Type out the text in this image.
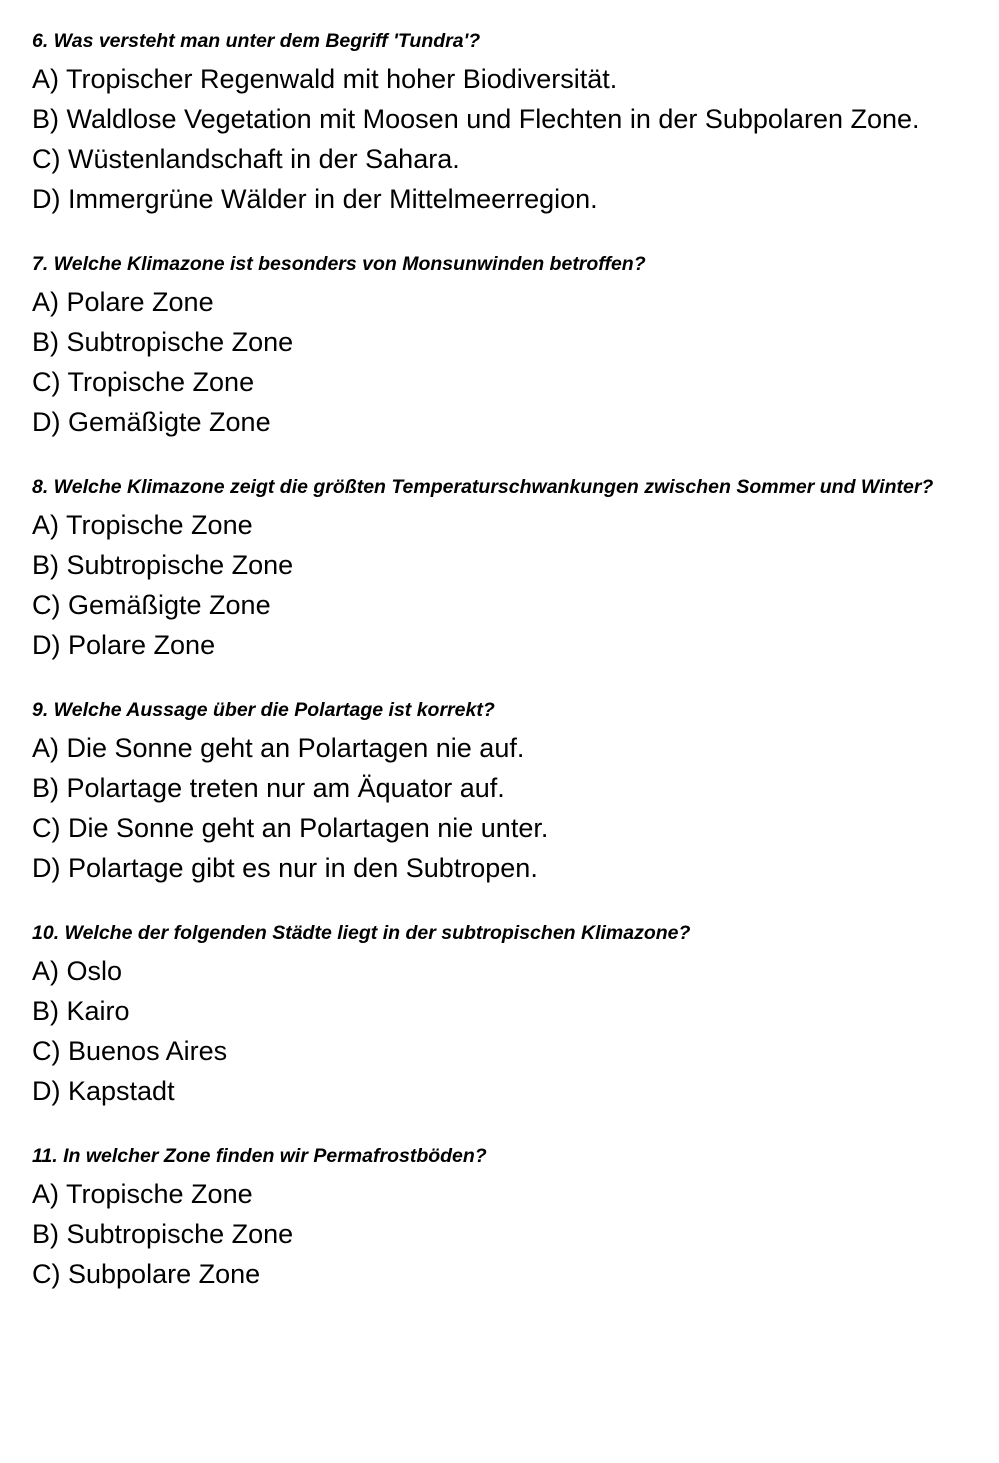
6. Was versteht man unter dem Begriff 'Tundra'?

A) Tropischer Regenwald mit hoher Biodiversität.
B) Waldlose Vegetation mit Moosen und Flechten in der Subpolaren Zone.
C) Wüstenlandschaft in der Sahara.
D) Immergrüne Wälder in der Mittelmeerregion.

7. Welche Klimazone ist besonders von Monsunwinden betroffen?

A) Polare Zone
B) Subtropische Zone
C) Tropische Zone
D) Gemäßigte Zone

8. Welche Klimazone zeigt die größten Temperaturschwankungen zwischen Sommer und Winter?

A) Tropische Zone
B) Subtropische Zone
C) Gemäßigte Zone
D) Polare Zone

9. Welche Aussage über die Polartage ist korrekt?

A) Die Sonne geht an Polartagen nie auf.
B) Polartage treten nur am Äquator auf.
C) Die Sonne geht an Polartagen nie unter.
D) Polartage gibt es nur in den Subtropen.

10. Welche der folgenden Städte liegt in der subtropischen Klimazone?

A) Oslo
B) Kairo
C) Buenos Aires
D) Kapstadt

11. In welcher Zone finden wir Permafrostböden?

A) Tropische Zone
B) Subtropische Zone
C) Subpolare Zone
